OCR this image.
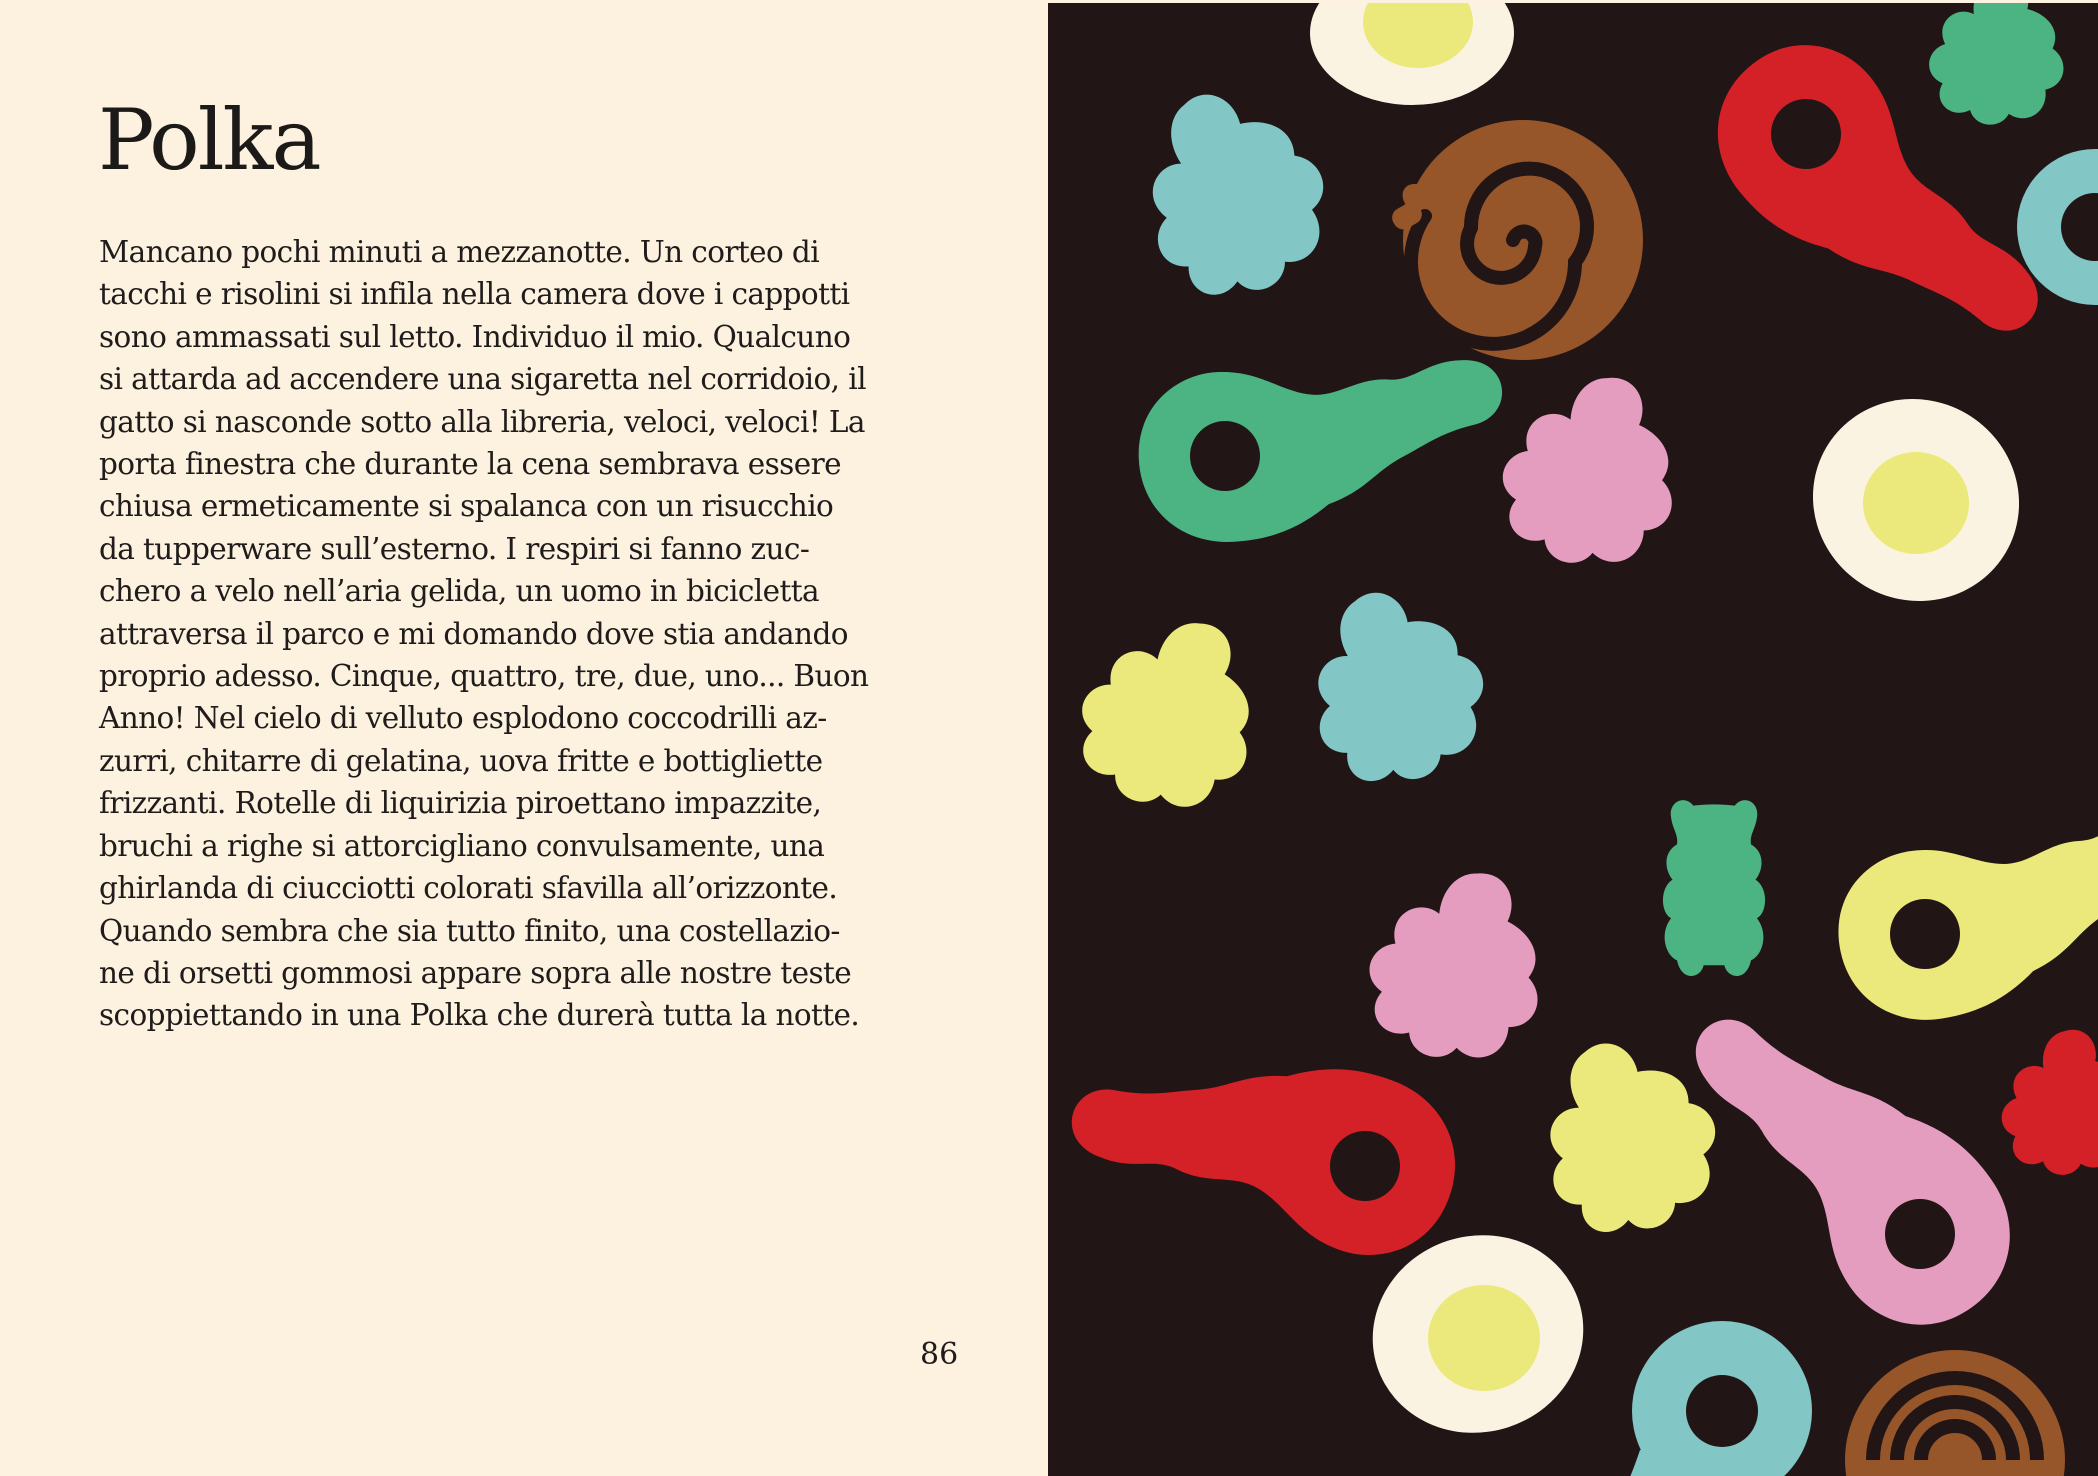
Polka

Mancano pochi minuti a mezzanotte. Un corteo di
tacchi e risolini si infila nella camera dove i cappotti
sono ammassati sul letto. Individuo il mio. Qualcuno
si attarda ad accendere una sigaretta nel corridoio, il
gatto si nasconde sotto alla libreria, veloci, veloci! La
porta finestra che durante la cena sembrava essere
chiusa ermeticamente si spalanca con un risucchio
da tupperware sull’esterno. I respiri si fanno zuc-
chero a velo nell’aria gelida, un uomo in bicicletta
attraversa il parco e mi domando dove stia andando
proprio adesso. Cinque, quattro, tre, due, uno... Buon
Anno! Nel cielo di velluto esplodono coccodrilli az-
zurri, chitarre di gelatina, uova fritte e bottigliette
frizzanti. Rotelle di liquirizia piroettano impazzite,
bruchi a righe si attorcigliano convulsamente, una
ghirlanda di ciucciotti colorati sfavilla all’orizzonte.
Quando sembra che sia tutto finito, una costellazio-
ne di orsetti gommosi appare sopra alle nostre teste
scoppiettando in una Polka che durerà tutta la notte.

86
